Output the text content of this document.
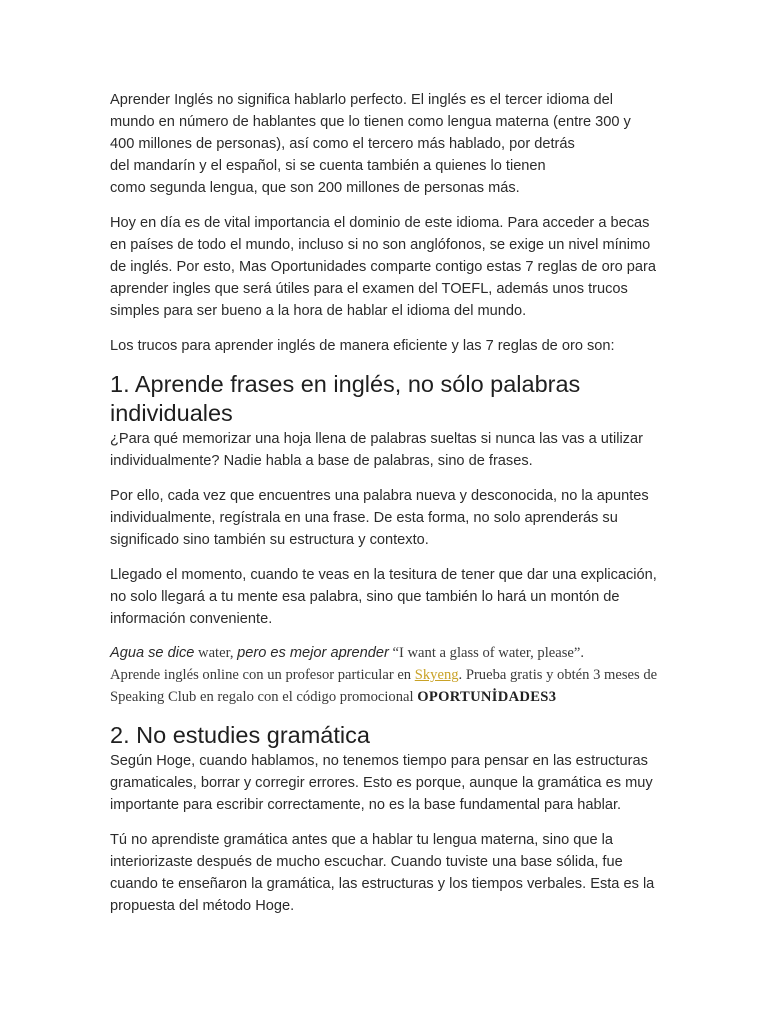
Aprender Inglés no significa hablarlo perfecto. El inglés es el tercer idioma del
mundo en número de hablantes que lo tienen como lengua materna (entre 300 y
400 millones de personas), así como el tercero más hablado, por detrás
del mandarín y el español, si se cuenta también a quienes lo tienen
como segunda lengua, que son 200 millones de personas más.

Hoy en día es de vital importancia el dominio de este idioma. Para acceder a becas en países de todo el mundo, incluso si no son anglófonos, se exige un nivel mínimo de inglés. Por esto, Mas Oportunidades comparte contigo estas 7 reglas de oro para aprender ingles que será útiles para el examen del TOEFL, además unos trucos simples para ser bueno a la hora de hablar el idioma del mundo.

Los trucos para aprender inglés de manera eficiente y las 7 reglas de oro son:

1. Aprende frases en inglés, no sólo palabras individuales

¿Para qué memorizar una hoja llena de palabras sueltas si nunca las vas a utilizar individualmente? Nadie habla a base de palabras, sino de frases.

Por ello, cada vez que encuentres una palabra nueva y desconocida, no la apuntes individualmente, regístrala en una frase. De esta forma, no solo aprenderás su significado sino también su estructura y contexto.

Llegado el momento, cuando te veas en la tesitura de tener que dar una explicación, no solo llegará a tu mente esa palabra, sino que también lo hará un montón de información conveniente.

Agua se dice water, pero es mejor aprender “I want a glass of water, please”.
Aprende inglés online con un profesor particular en Skyeng. Prueba gratis y obtén 3 meses de Speaking Club en regalo con el código promocional OPORTUNİDADES3

2. No estudies gramática

Según Hoge, cuando hablamos, no tenemos tiempo para pensar en las estructuras gramaticales, borrar y corregir errores. Esto es porque, aunque la gramática es muy importante para escribir correctamente, no es la base fundamental para hablar.

Tú no aprendiste gramática antes que a hablar tu lengua materna, sino que la interiorizaste después de mucho escuchar. Cuando tuviste una base sólida, fue cuando te enseñaron la gramática, las estructuras y los tiempos verbales. Esta es la propuesta del método Hoge.
